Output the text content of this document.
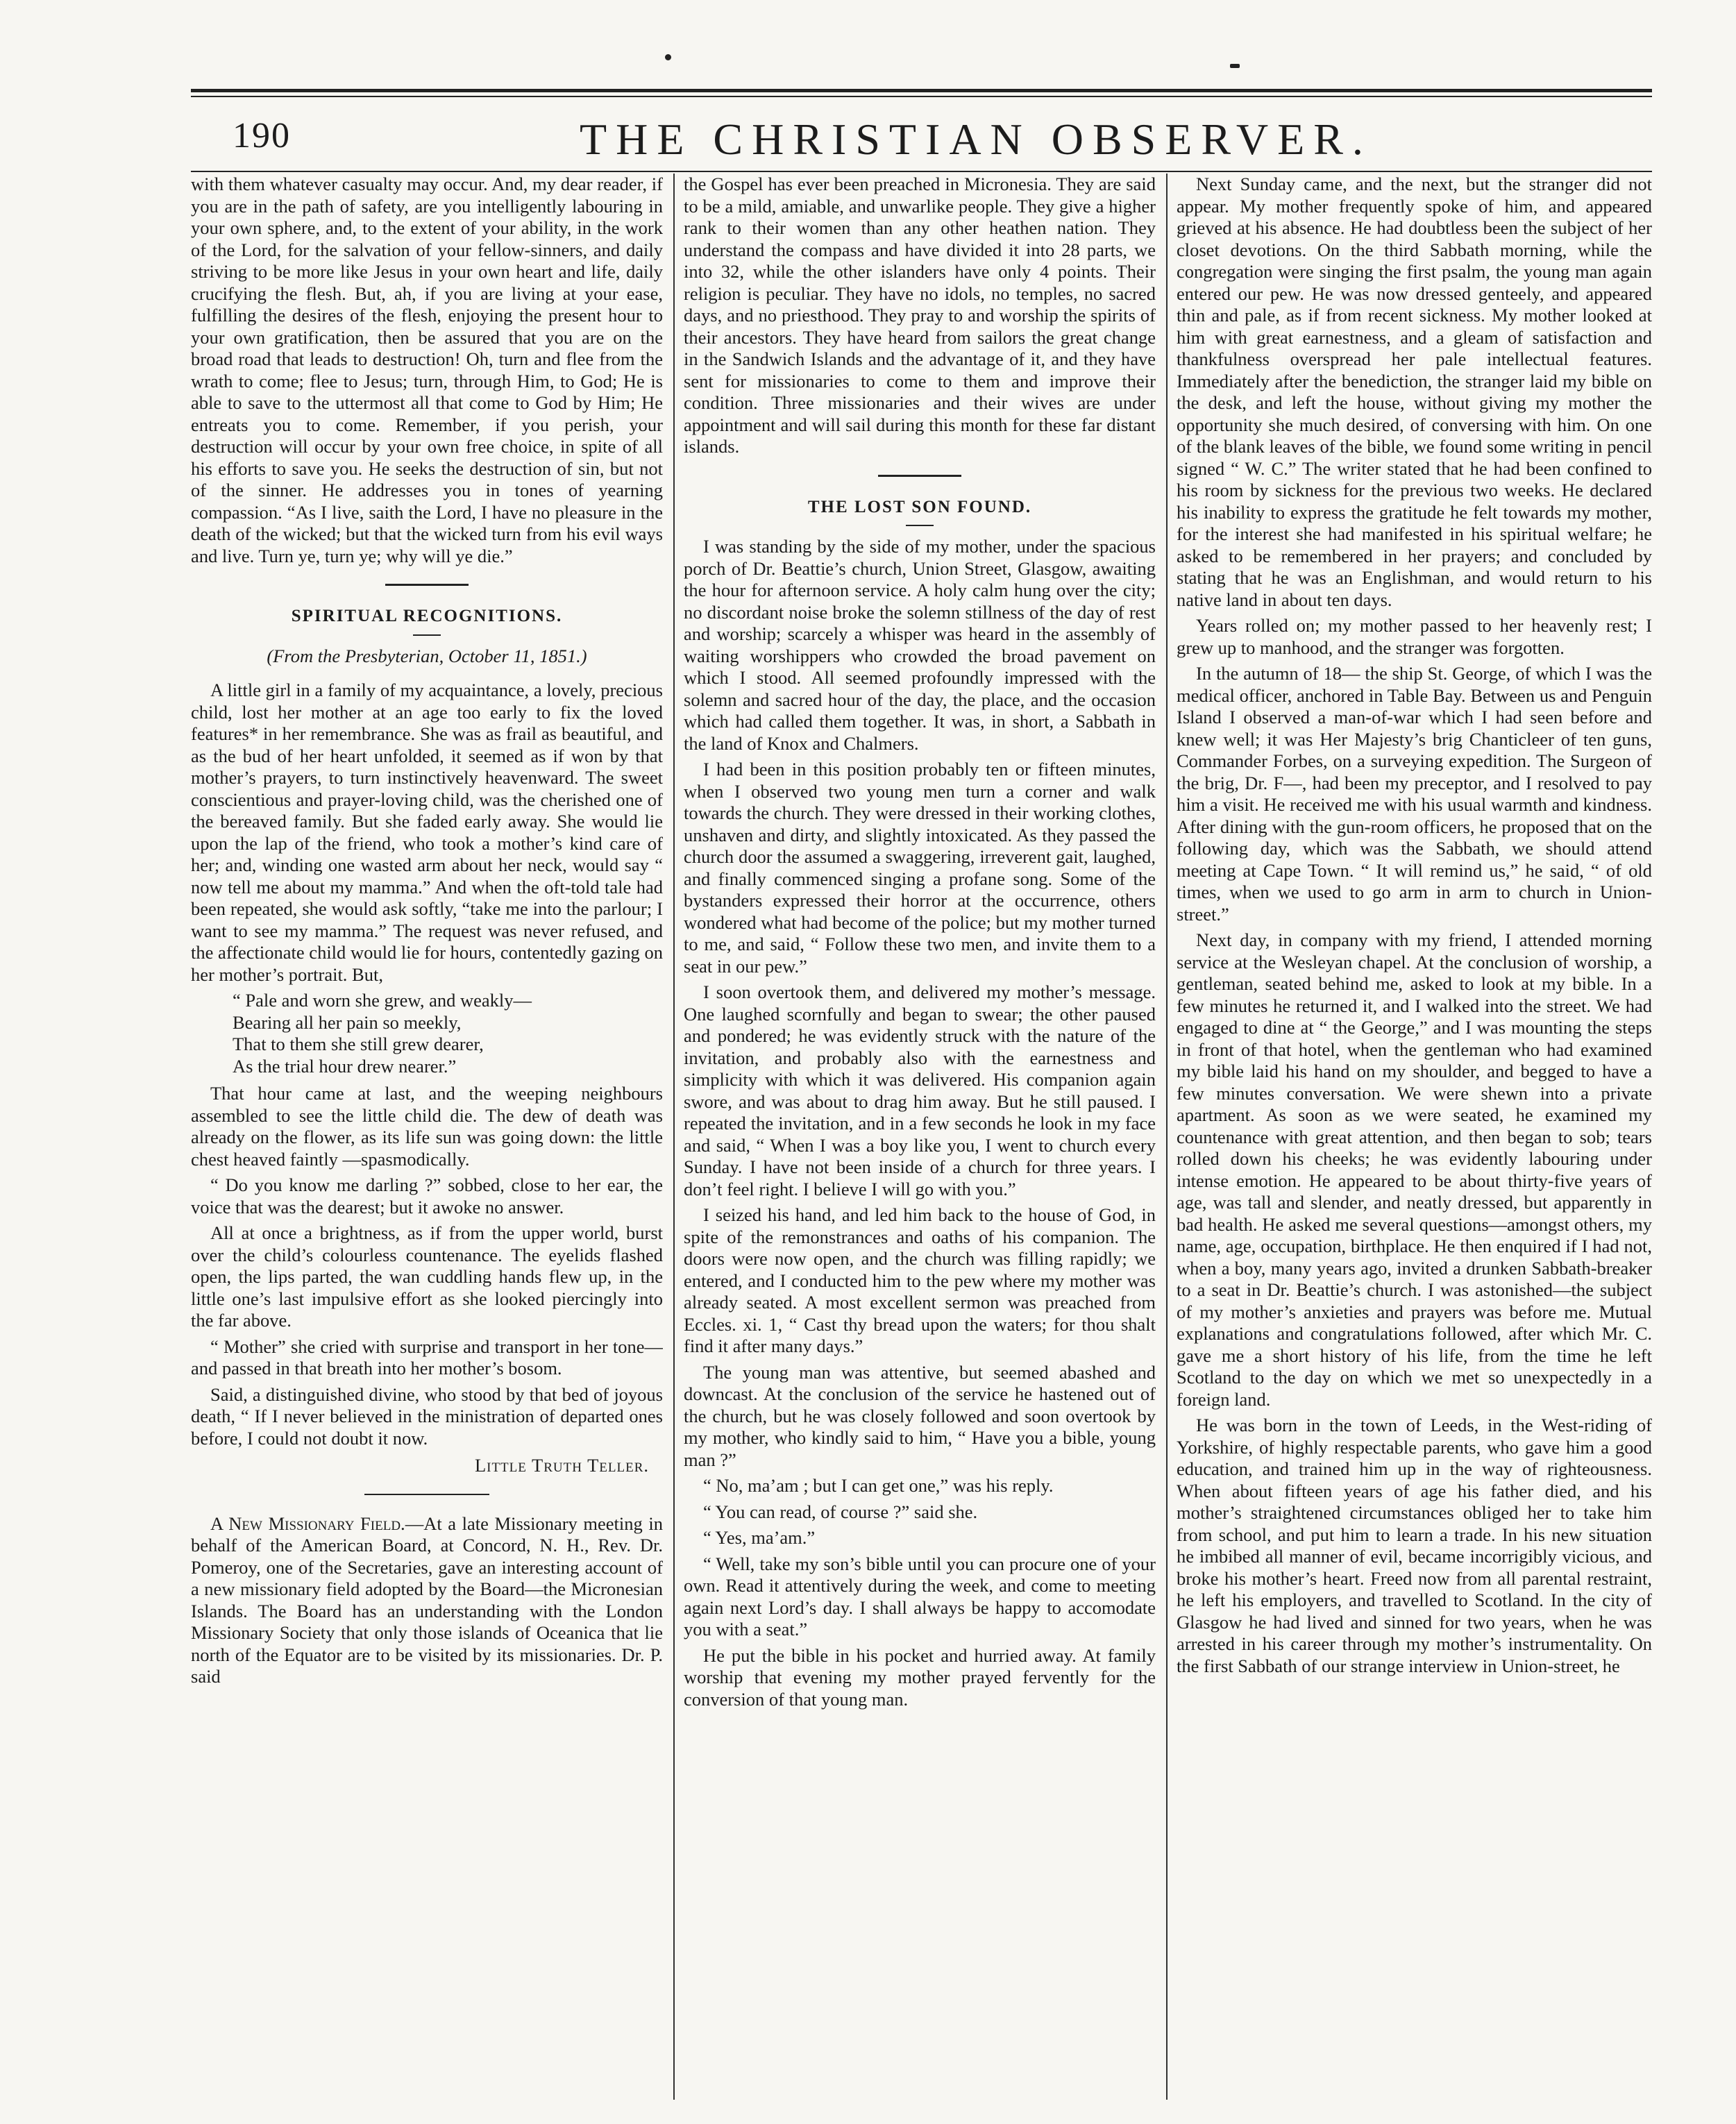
190	THE CHRISTIAN OBSERVER.

with them whatever casualty may occur. And, my dear reader, if you are in the path of safety, are you intelligently labouring in your own sphere, and, to the extent of your ability, in the work of the Lord, for the salvation of your fellow-sinners, and daily striving to be more like Jesus in your own heart and life, daily crucifying the flesh. But, ah, if you are living at your ease, fulfilling the desires of the flesh, enjoying the present hour to your own gratification, then be assured that you are on the broad road that leads to destruction! Oh, turn and flee from the wrath to come; flee to Jesus; turn, through Him, to God; He is able to save to the uttermost all that come to God by Him; He entreats you to come. Remember, if you perish, your destruction will occur by your own free choice, in spite of all his efforts to save you. He seeks the destruction of sin, but not of the sinner. He addresses you in tones of yearning compassion. “As I live, saith the Lord, I have no pleasure in the death of the wicked; but that the wicked turn from his evil ways and live. Turn ye, turn ye; why will ye die.”

SPIRITUAL RECOGNITIONS.
(From the Presbyterian, October 11, 1851.)

A little girl in a family of my acquaintance, a lovely, precious child, lost her mother at an age too early to fix the loved features* in her remembrance. She was as frail as beautiful, and as the bud of her heart unfolded, it seemed as if won by that mother’s prayers, to turn instinctively heavenward. The sweet conscientious and prayer-loving child, was the cherished one of the bereaved family. But she faded early away. She would lie upon the lap of the friend, who took a mother’s kind care of her; and, winding one wasted arm about her neck, would say “ now tell me about my mamma.” And when the oft-told tale had been repeated, she would ask softly, “take me into the parlour; I want to see my mamma.” The request was never refused, and the affectionate child would lie for hours, contentedly gazing on her mother’s portrait. But,

“ Pale and worn she grew, and weakly—
Bearing all her pain so meekly,
That to them she still grew dearer,
As the trial hour drew nearer.”

That hour came at last, and the weeping neighbours assembled to see the little child die. The dew of death was already on the flower, as its life sun was going down: the little chest heaved faintly —spasmodically.

“ Do you know me darling ?” sobbed, close to her ear, the voice that was the dearest; but it awoke no answer.

All at once a brightness, as if from the upper world, burst over the child’s colourless countenance. The eyelids flashed open, the lips parted, the wan cuddling hands flew up, in the little one’s last impulsive effort as she looked piercingly into the far above.

“ Mother” she cried with surprise and transport in her tone—and passed in that breath into her mother’s bosom.

Said, a distinguished divine, who stood by that bed of joyous death, “ If I never believed in the ministration of departed ones before, I could not doubt it now.

Little Truth Teller.

A New Missionary Field.—At a late Missionary meeting in behalf of the American Board, at Concord, N. H., Rev. Dr. Pomeroy, one of the Secretaries, gave an interesting account of a new missionary field adopted by the Board—the Micronesian Islands. The Board has an understanding with the London Missionary Society that only those islands of Oceanica that lie north of the Equator are to be visited by its missionaries. Dr. P. said

the Gospel has ever been preached in Micronesia. They are said to be a mild, amiable, and unwarlike people. They give a higher rank to their women than any other heathen nation. They understand the compass and have divided it into 28 parts, we into 32, while the other islanders have only 4 points. Their religion is peculiar. They have no idols, no temples, no sacred days, and no priesthood. They pray to and worship the spirits of their ancestors. They have heard from sailors the great change in the Sandwich Islands and the advantage of it, and they have sent for missionaries to come to them and improve their condition. Three missionaries and their wives are under appointment and will sail during this month for these far distant islands.

THE LOST SON FOUND.

I was standing by the side of my mother, under the spacious porch of Dr. Beattie’s church, Union Street, Glasgow, awaiting the hour for afternoon service. A holy calm hung over the city; no discordant noise broke the solemn stillness of the day of rest and worship; scarcely a whisper was heard in the assembly of waiting worshippers who crowded the broad pavement on which I stood. All seemed profoundly impressed with the solemn and sacred hour of the day, the place, and the occasion which had called them together. It was, in short, a Sabbath in the land of Knox and Chalmers.

I had been in this position probably ten or fifteen minutes, when I observed two young men turn a corner and walk towards the church. They were dressed in their working clothes, unshaven and dirty, and slightly intoxicated. As they passed the church door the assumed a swaggering, irreverent gait, laughed, and finally commenced singing a profane song. Some of the bystanders expressed their horror at the occurrence, others wondered what had become of the police; but my mother turned to me, and said, “ Follow these two men, and invite them to a seat in our pew.”

I soon overtook them, and delivered my mother’s message. One laughed scornfully and began to swear; the other paused and pondered; he was evidently struck with the nature of the invitation, and probably also with the earnestness and simplicity with which it was delivered. His companion again swore, and was about to drag him away. But he still paused. I repeated the invitation, and in a few seconds he look in my face and said, “ When I was a boy like you, I went to church every Sunday. I have not been inside of a church for three years. I don’t feel right. I believe I will go with you.”

I seized his hand, and led him back to the house of God, in spite of the remonstrances and oaths of his companion. The doors were now open, and the church was filling rapidly; we entered, and I conducted him to the pew where my mother was already seated. A most excellent sermon was preached from Eccles. xi. 1, “ Cast thy bread upon the waters; for thou shalt find it after many days.”

The young man was attentive, but seemed abashed and downcast. At the conclusion of the service he hastened out of the church, but he was closely followed and soon overtook by my mother, who kindly said to him, “ Have you a bible, young man ?”

“ No, ma’am ; but I can get one,” was his reply.

“ You can read, of course ?” said she.

“ Yes, ma’am.”

“ Well, take my son’s bible until you can procure one of your own. Read it attentively during the week, and come to meeting again next Lord’s day. I shall always be happy to accomodate you with a seat.”

He put the bible in his pocket and hurried away. At family worship that evening my mother prayed fervently for the conversion of that young man.

Next Sunday came, and the next, but the stranger did not appear. My mother frequently spoke of him, and appeared grieved at his absence. He had doubtless been the subject of her closet devotions. On the third Sabbath morning, while the congregation were singing the first psalm, the young man again entered our pew. He was now dressed genteely, and appeared thin and pale, as if from recent sickness. My mother looked at him with great earnestness, and a gleam of satisfaction and thankfulness overspread her pale intellectual features. Immediately after the benediction, the stranger laid my bible on the desk, and left the house, without giving my mother the opportunity she much desired, of conversing with him. On one of the blank leaves of the bible, we found some writing in pencil signed “ W. C.” The writer stated that he had been confined to his room by sickness for the previous two weeks. He declared his inability to express the gratitude he felt towards my mother, for the interest she had manifested in his spiritual welfare; he asked to be remembered in her prayers; and concluded by stating that he was an Englishman, and would return to his native land in about ten days.

Years rolled on; my mother passed to her heavenly rest; I grew up to manhood, and the stranger was forgotten.

In the autumn of 18— the ship St. George, of which I was the medical officer, anchored in Table Bay. Between us and Penguin Island I observed a man-of-war which I had seen before and knew well; it was Her Majesty’s brig Chanticleer of ten guns, Commander Forbes, on a surveying expedition. The Surgeon of the brig, Dr. F—, had been my preceptor, and I resolved to pay him a visit. He received me with his usual warmth and kindness. After dining with the gun-room officers, he proposed that on the following day, which was the Sabbath, we should attend meeting at Cape Town. “ It will remind us,” he said, “ of old times, when we used to go arm in arm to church in Union-street.”

Next day, in company with my friend, I attended morning service at the Wesleyan chapel. At the conclusion of worship, a gentleman, seated behind me, asked to look at my bible. In a few minutes he returned it, and I walked into the street. We had engaged to dine at “ the George,” and I was mounting the steps in front of that hotel, when the gentleman who had examined my bible laid his hand on my shoulder, and begged to have a few minutes conversation. We were shewn into a private apartment. As soon as we were seated, he examined my countenance with great attention, and then began to sob; tears rolled down his cheeks; he was evidently labouring under intense emotion. He appeared to be about thirty-five years of age, was tall and slender, and neatly dressed, but apparently in bad health. He asked me several questions—amongst others, my name, age, occupation, birthplace. He then enquired if I had not, when a boy, many years ago, invited a drunken Sabbath-breaker to a seat in Dr. Beattie’s church. I was astonished—the subject of my mother’s anxieties and prayers was before me. Mutual explanations and congratulations followed, after which Mr. C. gave me a short history of his life, from the time he left Scotland to the day on which we met so unexpectedly in a foreign land.

He was born in the town of Leeds, in the West-riding of Yorkshire, of highly respectable parents, who gave him a good education, and trained him up in the way of righteousness. When about fifteen years of age his father died, and his mother’s straightened circumstances obliged her to take him from school, and put him to learn a trade. In his new situation he imbibed all manner of evil, became incorrigibly vicious, and broke his mother’s heart. Freed now from all parental restraint, he left his employers, and travelled to Scotland. In the city of Glasgow he had lived and sinned for two years, when he was arrested in his career through my mother’s instrumentality. On the first Sabbath of our strange interview in Union-street, he
